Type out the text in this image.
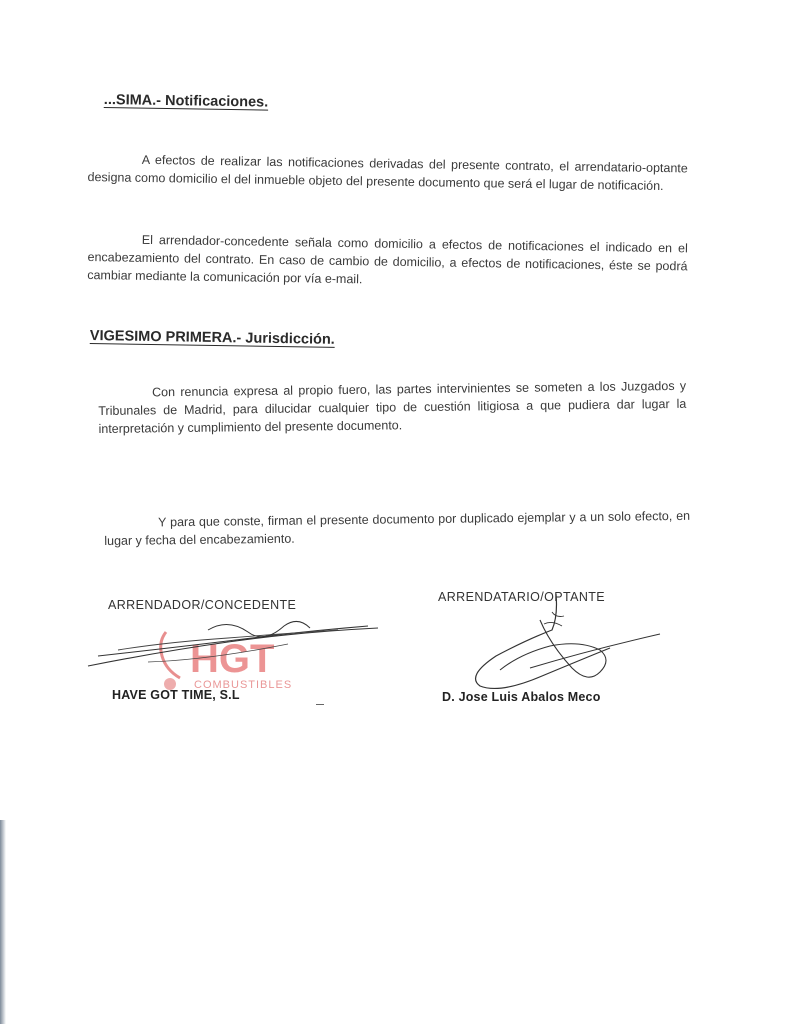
...SIMA.- Notificaciones.

A efectos de realizar las notificaciones derivadas del presente contrato, el arrendatario-optante designa como domicilio el del inmueble objeto del presente documento que será el lugar de notificación.

El arrendador-concedente señala como domicilio a efectos de notificaciones el indicado en el encabezamiento del contrato. En caso de cambio de domicilio, a efectos de notificaciones, éste se podrá cambiar mediante la comunicación por vía e-mail.

VIGESIMO PRIMERA.- Jurisdicción.

Con renuncia expresa al propio fuero, las partes intervinientes se someten a los Juzgados y Tribunales de Madrid, para dilucidar cualquier tipo de cuestión litigiosa a que pudiera dar lugar la interpretación y cumplimiento del presente documento.

Y para que conste, firman el presente documento por duplicado ejemplar y a un solo efecto, en lugar y fecha del encabezamiento.

ARRENDADOR/CONCEDENTE
HGT
COMBUSTIBLES
HAVE GOT TIME, S.L
ARRENDATARIO/OPTANTE
D. Jose Luis Abalos Meco
